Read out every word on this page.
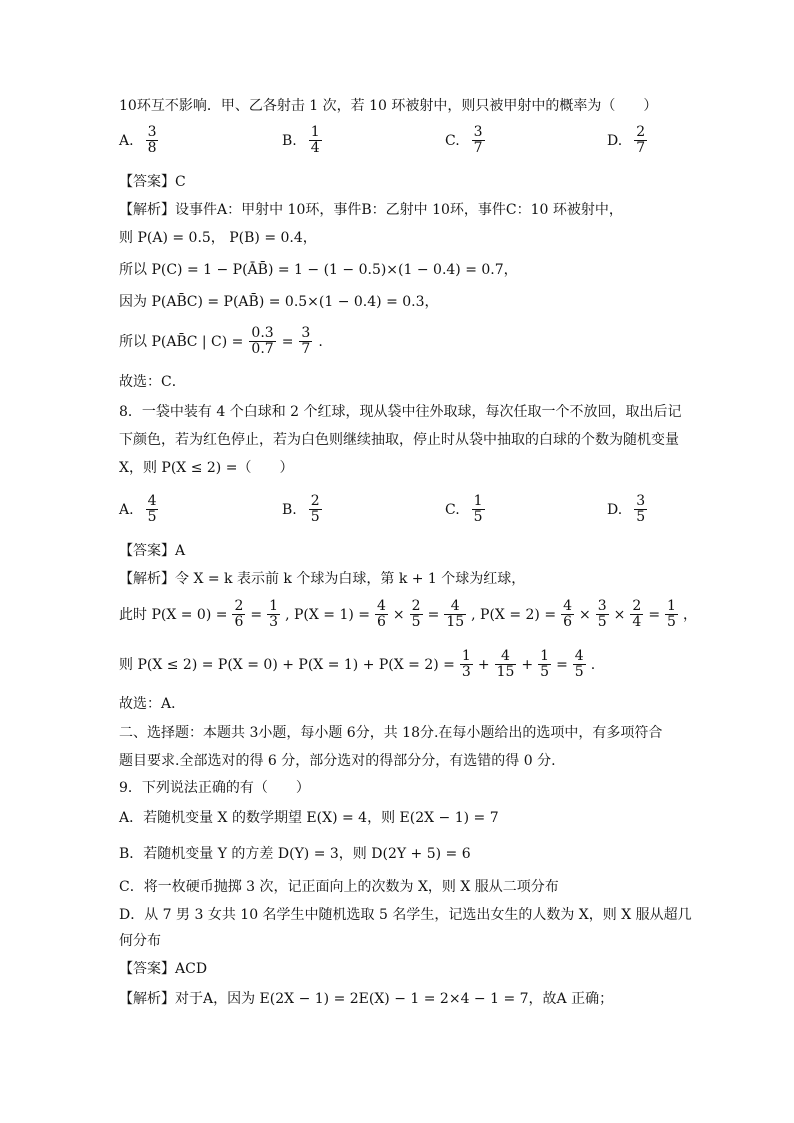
10环互不影响．甲、乙各射击 1 次，若 10 环被射中，则只被甲射中的概率为（　　）
A. $\frac{3}{8}$	B. $\frac{1}{4}$	C. $\frac{3}{7}$	D. $\frac{2}{7}$
【答案】C
【解析】设事件A：甲射中 10环，事件B：乙射中 10环，事件C：10 环被射中，
则 P(A) = 0.5， P(B) = 0.4，
所以 P(C) = 1 − P(ĀB̄) = 1 − (1 − 0.5)×(1 − 0.4) = 0.7，
因为 P(AB̄C) = P(AB̄) = 0.5×(1 − 0.4) = 0.3，
所以 P(AB̄C | $C) = \frac{0.3}{0.7} = \frac{3}{7}$ .
故选：C．
8．一袋中装有 4 个白球和 2 个红球，现从袋中往外取球，每次任取一个不放回，取出后记
下颜色，若为红色停止，若为白色则继续抽取，停止时从袋中抽取的白球的个数为随机变量
X，则 P(X ≤ 2) =（　　）
A. $\frac{4}{5}$	B. $\frac{2}{5}$	C. $\frac{1}{5}$	D. $\frac{3}{5}$
【答案】A
【解析】令 X = k 表示前 k 个球为白球，第 k + 1 个球为红球，
此时 $P(X = 0) = \frac{2}{6} = \frac{1}{3}$ , $P(X = 1) = \frac{4}{6} \times \frac{2}{5} = \frac{4}{15}$ , $P(X = 2) = \frac{4}{6} \times \frac{3}{5} \times \frac{2}{4} = \frac{1}{5}$ ，
则 $P(X \le 2) = P(X = 0) + P(X = 1) + P(X = 2) = \frac{1}{3} + \frac{4}{15} + \frac{1}{5} = \frac{4}{5}$ .
故选：A．
二、选择题：本题共 3小题，每小题 6分，共 18分.在每小题给出的选项中，有多项符合
题目要求.全部选对的得 6 分，部分选对的得部分分，有选错的得 0 分.
9．下列说法正确的有（　　）
A．若随机变量 X 的数学期望 E(X) = 4，则 E(2X − 1) = 7
B．若随机变量 Y 的方差 D(Y) = 3，则 D(2Y + 5) = 6
C．将一枚硬币抛掷 3 次，记正面向上的次数为 X，则 X 服从二项分布
D．从 7 男 3 女共 10 名学生中随机选取 5 名学生，记选出女生的人数为 X，则 X 服从超几
何分布
【答案】ACD
【解析】对于A，因为 E(2X − 1) = 2E(X) − 1 = 2×4 − 1 = 7，故A 正确；
